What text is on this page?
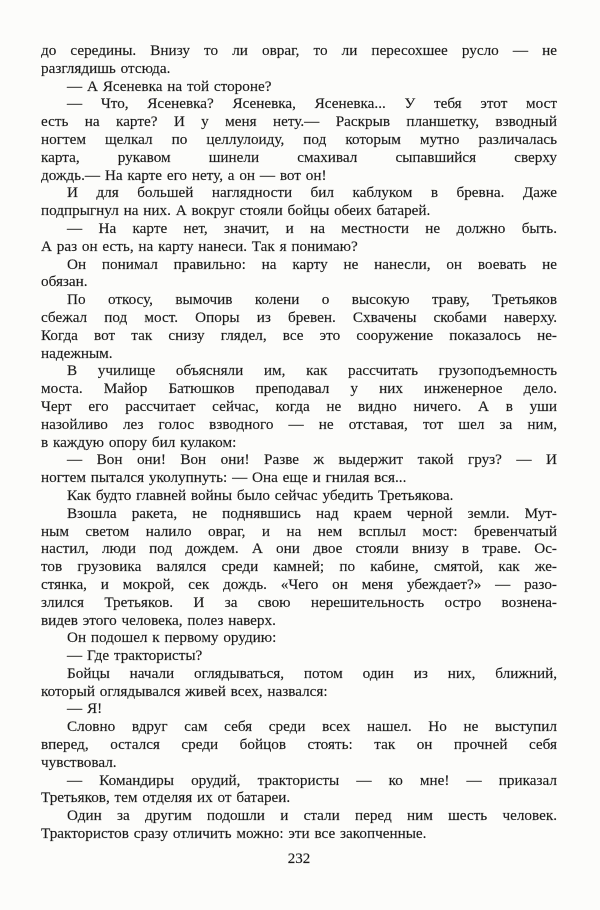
до середины. Внизу то ли овраг, то ли пересохшее русло — не
разглядишь отсюда.
— А Ясеневка на той стороне?
— Что, Ясеневка? Ясеневка, Ясеневка... У тебя этот мост
есть на карте? И у меня нету.— Раскрыв планшетку, взводный
ногтем щелкал по целлулоиду, под которым мутно различалась
карта, рукавом шинели смахивал сыпавшийся сверху
дождь.— На карте его нету, а он — вот он!
И для большей наглядности бил каблуком в бревна. Даже
подпрыгнул на них. А вокруг стояли бойцы обеих батарей.
— На карте нет, значит, и на местности не должно быть.
А раз он есть, на карту нанеси. Так я понимаю?
Он понимал правильно: на карту не нанесли, он воевать не
обязан.
По откосу, вымочив колени о высокую траву, Третьяков
сбежал под мост. Опоры из бревен. Схвачены скобами наверху.
Когда вот так снизу глядел, все это сооружение показалось не-
надежным.
В училище объясняли им, как рассчитать грузоподъемность
моста. Майор Батюшков преподавал у них инженерное дело.
Черт его рассчитает сейчас, когда не видно ничего. А в уши
назойливо лез голос взводного — не отставая, тот шел за ним,
в каждую опору бил кулаком:
— Вон они! Вон они! Разве ж выдержит такой груз? — И
ногтем пытался уколупнуть: — Она еще и гнилая вся...
Как будто главней войны было сейчас убедить Третьякова.
Взошла ракета, не поднявшись над краем черной земли. Мут-
ным светом налило овраг, и на нем всплыл мост: бревенчатый
настил, люди под дождем. А они двое стояли внизу в траве. Ос-
тов грузовика валялся среди камней; по кабине, смятой, как же-
стянка, и мокрой, сек дождь. «Чего он меня убеждает?» — разо-
злился Третьяков. И за свою нерешительность остро вознена-
видев этого человека, полез наверх.
Он подошел к первому орудию:
— Где трактористы?
Бойцы начали оглядываться, потом один из них, ближний,
который оглядывался живей всех, назвался:
— Я!
Словно вдруг сам себя среди всех нашел. Но не выступил
вперед, остался среди бойцов стоять: так он прочней себя
чувствовал.
— Командиры орудий, трактористы — ко мне! — приказал
Третьяков, тем отделяя их от батареи.
Один за другим подошли и стали перед ним шесть человек.
Трактористов сразу отличить можно: эти все закопченные.
232
